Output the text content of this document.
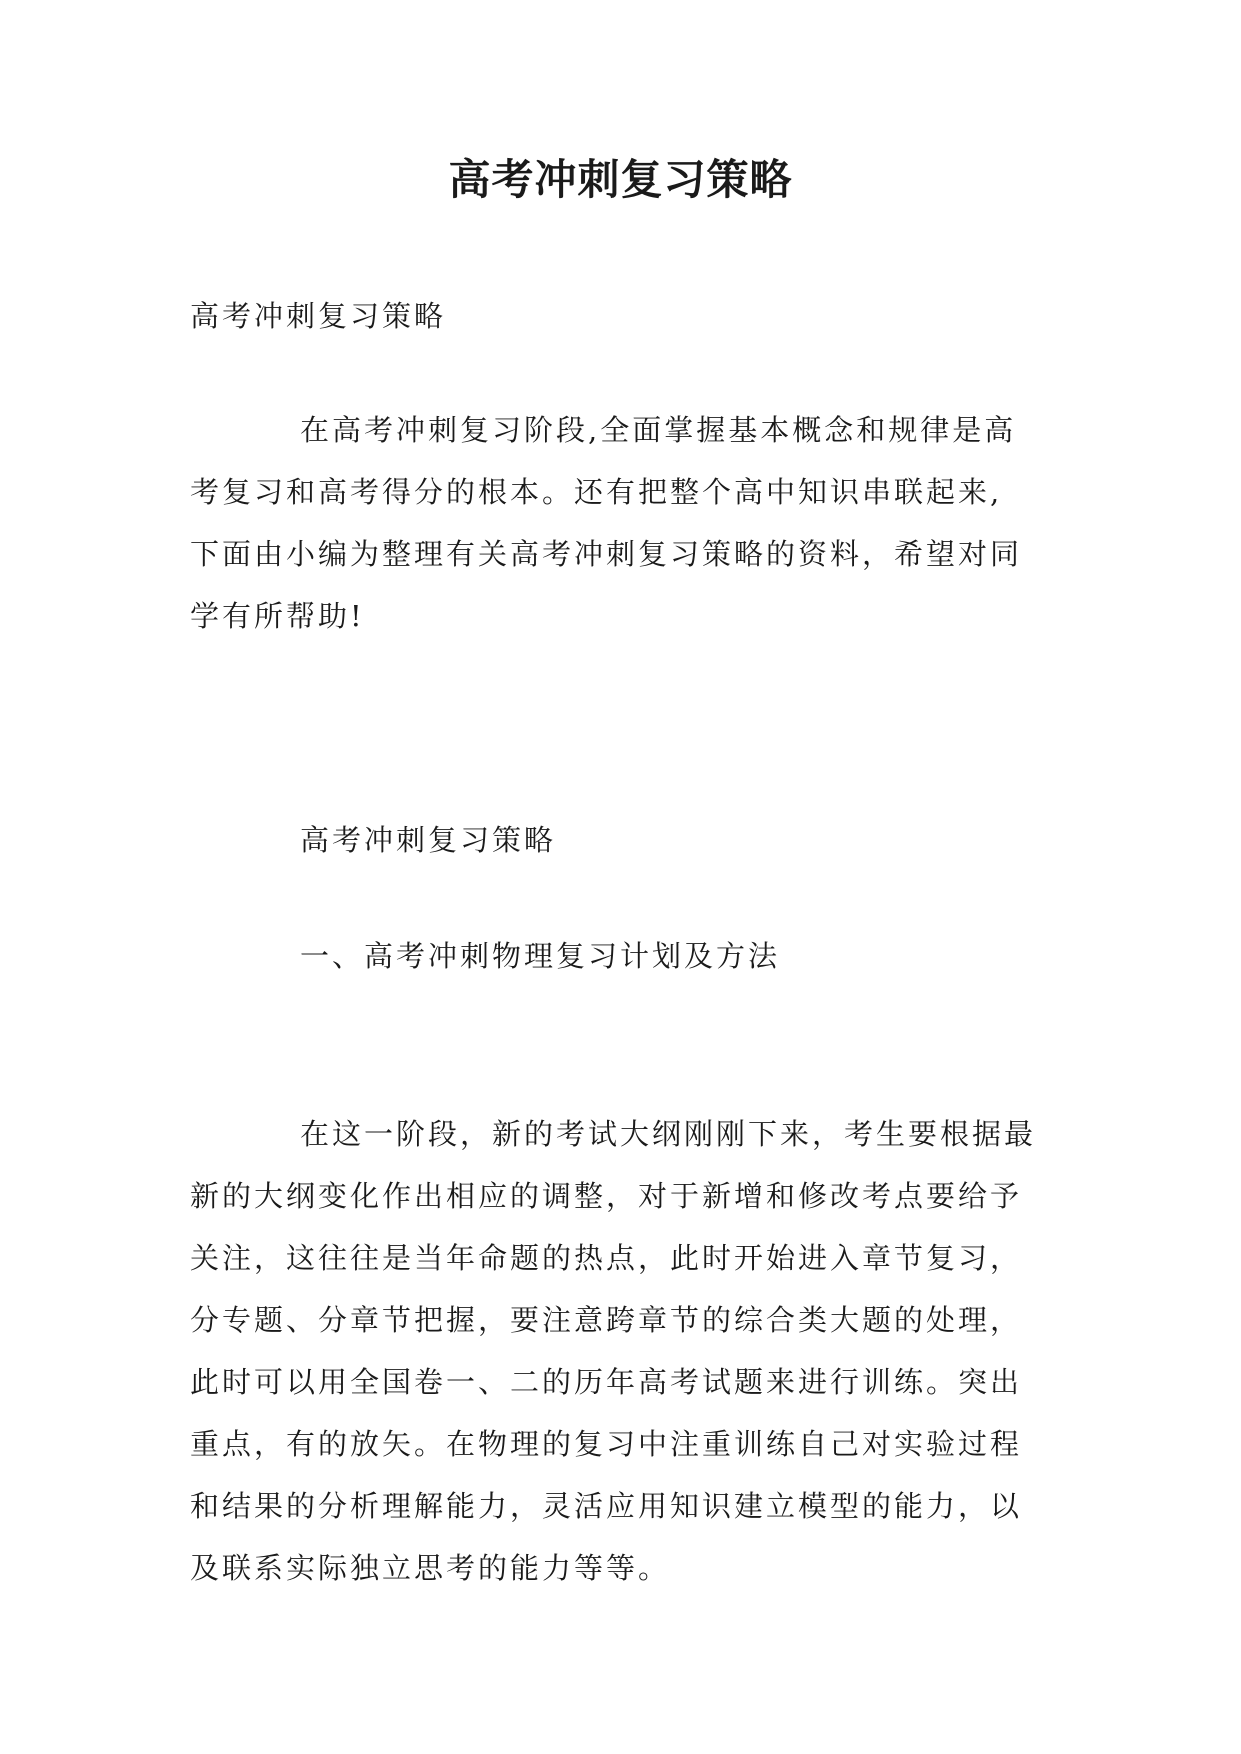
高考冲刺复习策略

高考冲刺复习策略

在高考冲刺复习阶段,全面掌握基本概念和规律是高

考复习和高考得分的根本。还有把整个高中知识串联起来,

下面由小编为整理有关高考冲刺复习策略的资料，希望对同

学有所帮助!

高考冲刺复习策略

一、高考冲刺物理复习计划及方法

在这一阶段，新的考试大纲刚刚下来，考生要根据最

新的大纲变化作出相应的调整，对于新增和修改考点要给予

关注，这往往是当年命题的热点，此时开始进入章节复习，

分专题、分章节把握，要注意跨章节的综合类大题的处理，

此时可以用全国卷一、二的历年高考试题来进行训练。突出

重点，有的放矢。在物理的复习中注重训练自己对实验过程

和结果的分析理解能力，灵活应用知识建立模型的能力，以

及联系实际独立思考的能力等等。
